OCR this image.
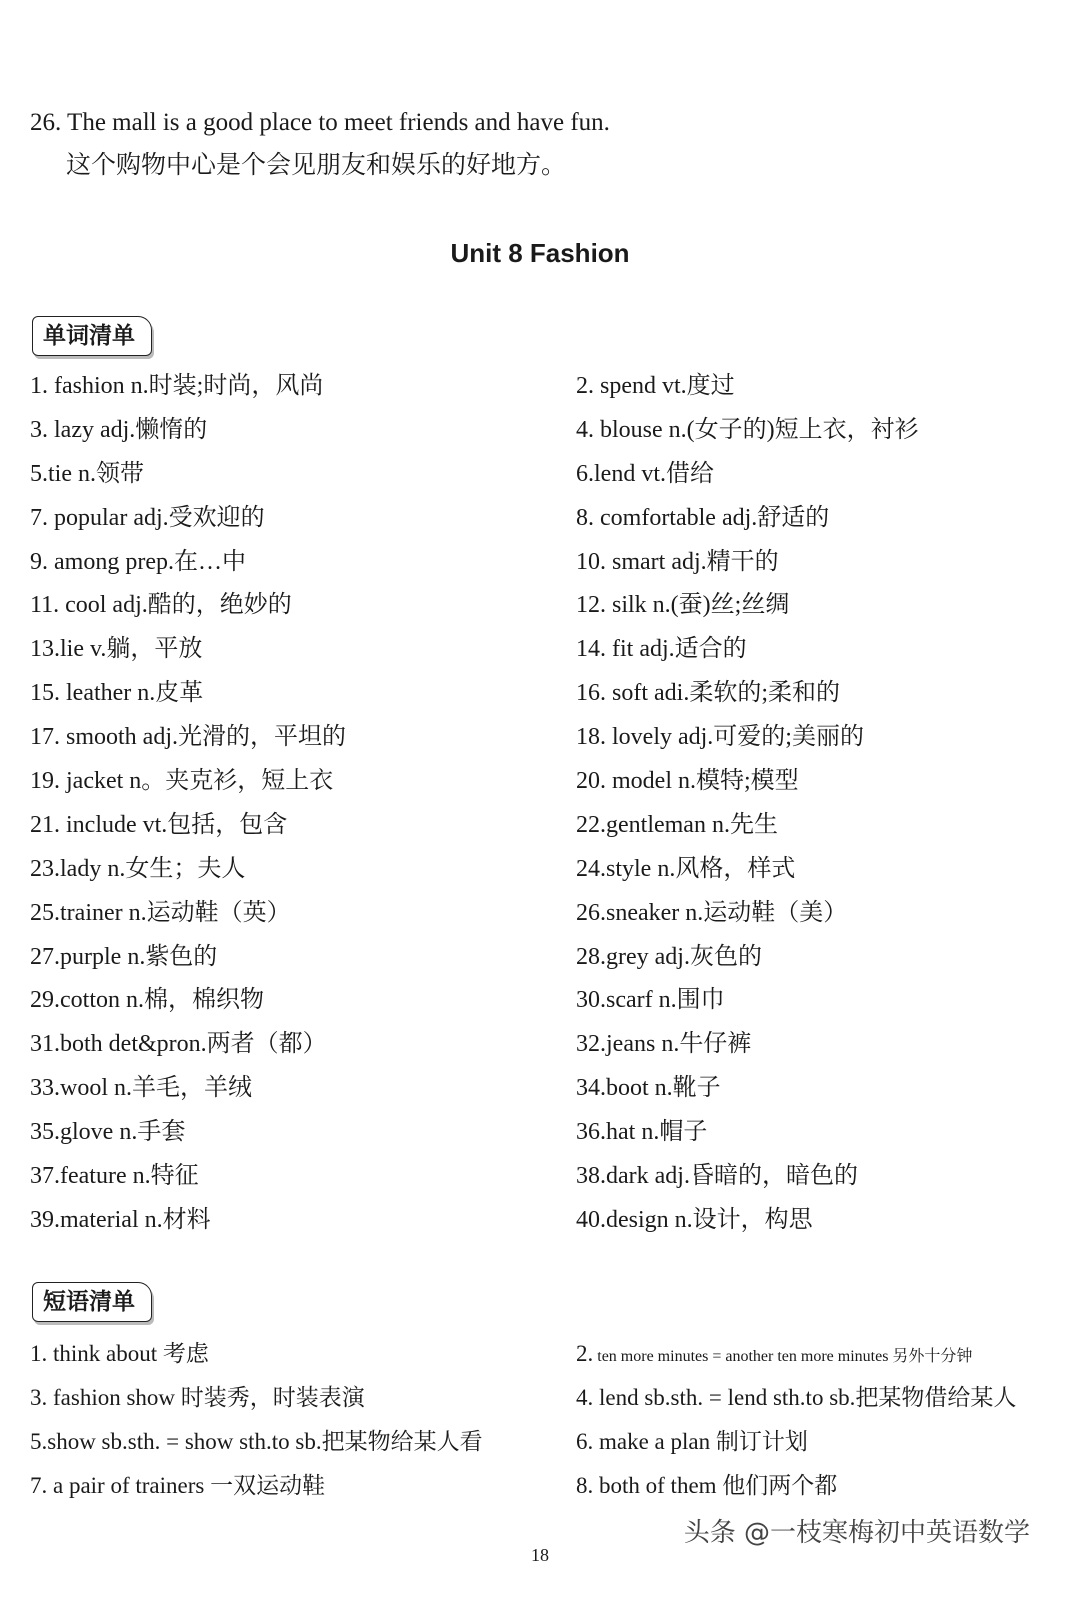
26. The mall is a good place to meet friends and have fun.
这个购物中心是个会见朋友和娱乐的好地方。
Unit 8 Fashion
单词清单
1. fashion n.时装;时尚，风尚	2. spend vt.度过
3. lazy adj.懒惰的	4. blouse n.(女子的)短上衣，衬衫
5.tie n.领带	6.lend vt.借给
7. popular adj.受欢迎的	8. comfortable adj.舒适的
9. among prep.在…中	10. smart adj.精干的
11. cool adj.酷的，绝妙的	12. silk n.(蚕)丝;丝绸
13.lie v.躺，平放	14. fit adj.适合的
15. leather n.皮革	16. soft adi.柔软的;柔和的
17. smooth adj.光滑的，平坦的	18. lovely adj.可爱的;美丽的
19. jacket n。夹克衫，短上衣	20. model n.模特;模型
21. include vt.包括，包含	22.gentleman n.先生
23.lady n.女生；夫人	24.style n.风格，样式
25.trainer n.运动鞋（英）	26.sneaker n.运动鞋（美）
27.purple n.紫色的	28.grey adj.灰色的
29.cotton n.棉，棉织物	30.scarf n.围巾
31.both det&pron.两者（都）	32.jeans n.牛仔裤
33.wool n.羊毛，羊绒	34.boot n.靴子
35.glove n.手套	36.hat n.帽子
37.feature n.特征	38.dark adj.昏暗的，暗色的
39.material n.材料	40.design n.设计，构思
短语清单
1. think about 考虑	2. ten more minutes = another ten more minutes 另外十分钟
3. fashion show 时装秀，时装表演	4. lend sb.sth. = lend sth.to sb.把某物借给某人
5.show sb.sth. = show sth.to sb.把某物给某人看	6. make a plan 制订计划
7. a pair of trainers 一双运动鞋	8. both of them 他们两个都
头条 @一枝寒梅初中英语数学
18
